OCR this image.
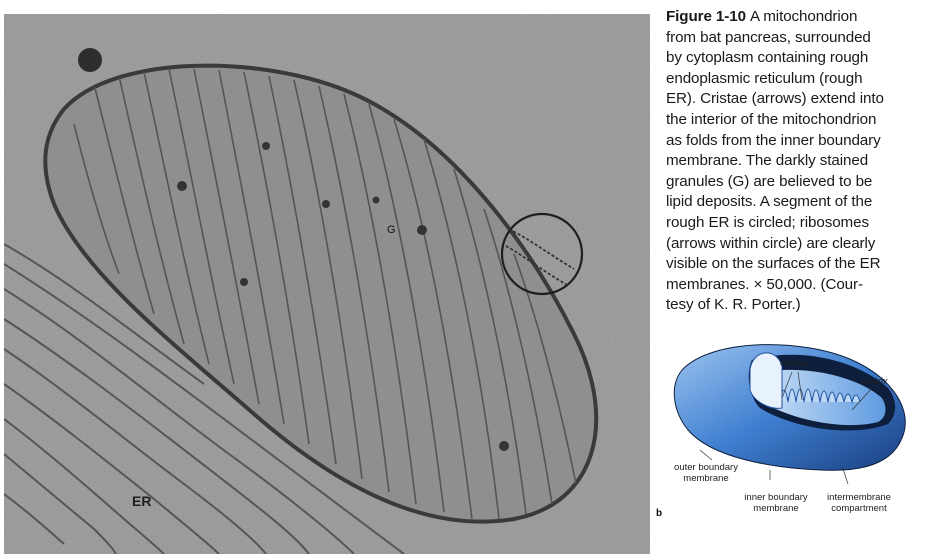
G
ER
Figure 1-10 A mitochondrion
from bat pancreas, surrounded
by cytoplasm containing rough
endoplasmic reticulum (rough
ER). Cristae (arrows) extend into
the interior of the mitochondrion
as folds from the inner boundary
membrane. The darkly stained
granules (G) are believed to be
lipid deposits. A segment of the
rough ER is circled; ribosomes
(arrows within circle) are clearly
visible on the surfaces of the ER
membranes. × 50,000. (Cour-
tesy of K. R. Porter.)
cristae
matrix
outer boundary
membrane
inner boundary
membrane
intermembrane
compartment
b
